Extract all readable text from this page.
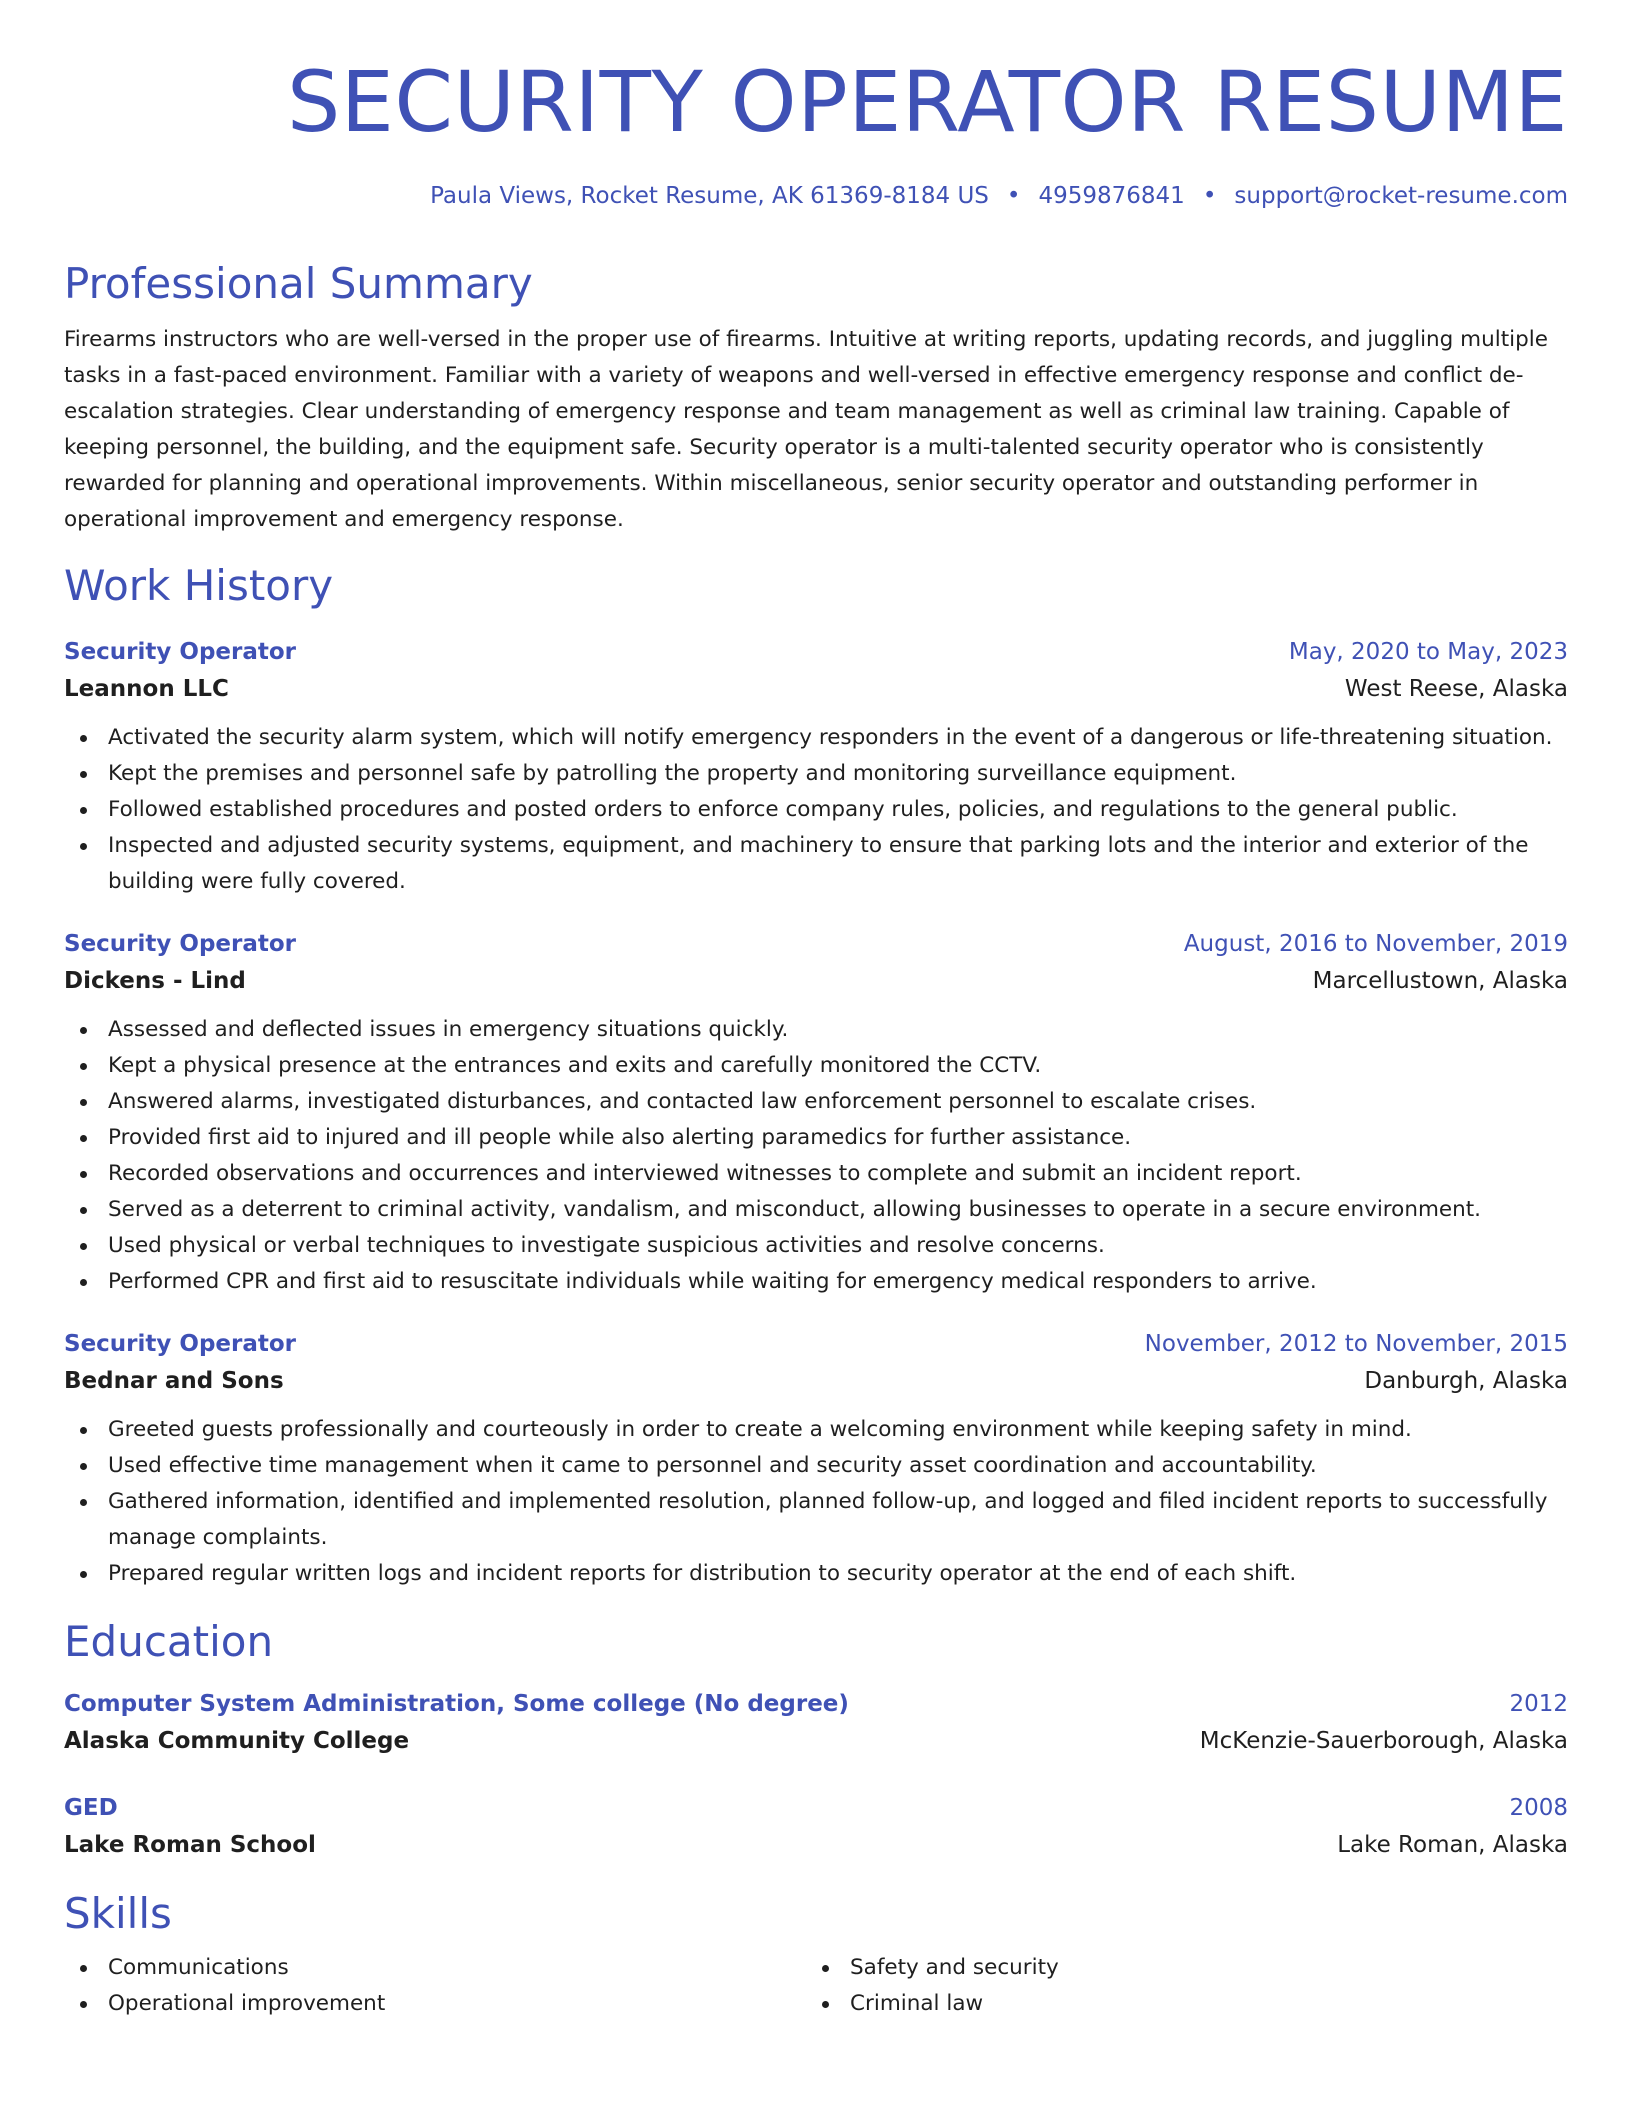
SECURITY OPERATOR RESUME
Paula Views, Rocket Resume, AK 61369-8184 US • 4959876841 • support@rocket-resume.com
Professional Summary

Firearms instructors who are well-versed in the proper use of firearms. Intuitive at writing reports, updating records, and juggling multiple tasks in a fast-paced environment. Familiar with a variety of weapons and well-versed in effective emergency response and conflict de-escalation strategies. Clear understanding of emergency response and team management as well as criminal law training. Capable of keeping personnel, the building, and the equipment safe. Security operator is a multi-talented security operator who is consistently rewarded for planning and operational improvements. Within miscellaneous, senior security operator and outstanding performer in operational improvement and emergency response.

Work History
Security Operator	May, 2020 to May, 2023
Leannon LLC	West Reese, Alaska
Activated the security alarm system, which will notify emergency responders in the event of a dangerous or life-threatening situation.
Kept the premises and personnel safe by patrolling the property and monitoring surveillance equipment.
Followed established procedures and posted orders to enforce company rules, policies, and regulations to the general public.
Inspected and adjusted security systems, equipment, and machinery to ensure that parking lots and the interior and exterior of the building were fully covered.
Security Operator	August, 2016 to November, 2019
Dickens - Lind	Marcellustown, Alaska
Assessed and deflected issues in emergency situations quickly.
Kept a physical presence at the entrances and exits and carefully monitored the CCTV.
Answered alarms, investigated disturbances, and contacted law enforcement personnel to escalate crises.
Provided first aid to injured and ill people while also alerting paramedics for further assistance.
Recorded observations and occurrences and interviewed witnesses to complete and submit an incident report.
Served as a deterrent to criminal activity, vandalism, and misconduct, allowing businesses to operate in a secure environment.
Used physical or verbal techniques to investigate suspicious activities and resolve concerns.
Performed CPR and first aid to resuscitate individuals while waiting for emergency medical responders to arrive.
Security Operator	November, 2012 to November, 2015
Bednar and Sons	Danburgh, Alaska
Greeted guests professionally and courteously in order to create a welcoming environment while keeping safety in mind.
Used effective time management when it came to personnel and security asset coordination and accountability.
Gathered information, identified and implemented resolution, planned follow-up, and logged and filed incident reports to successfully manage complaints.
Prepared regular written logs and incident reports for distribution to security operator at the end of each shift.
Education
Computer System Administration, Some college (No degree)	2012
Alaska Community College	McKenzie-Sauerborough, Alaska
GED	2008
Lake Roman School	Lake Roman, Alaska
Skills
Communications
Operational improvement
Safety and security
Criminal law
